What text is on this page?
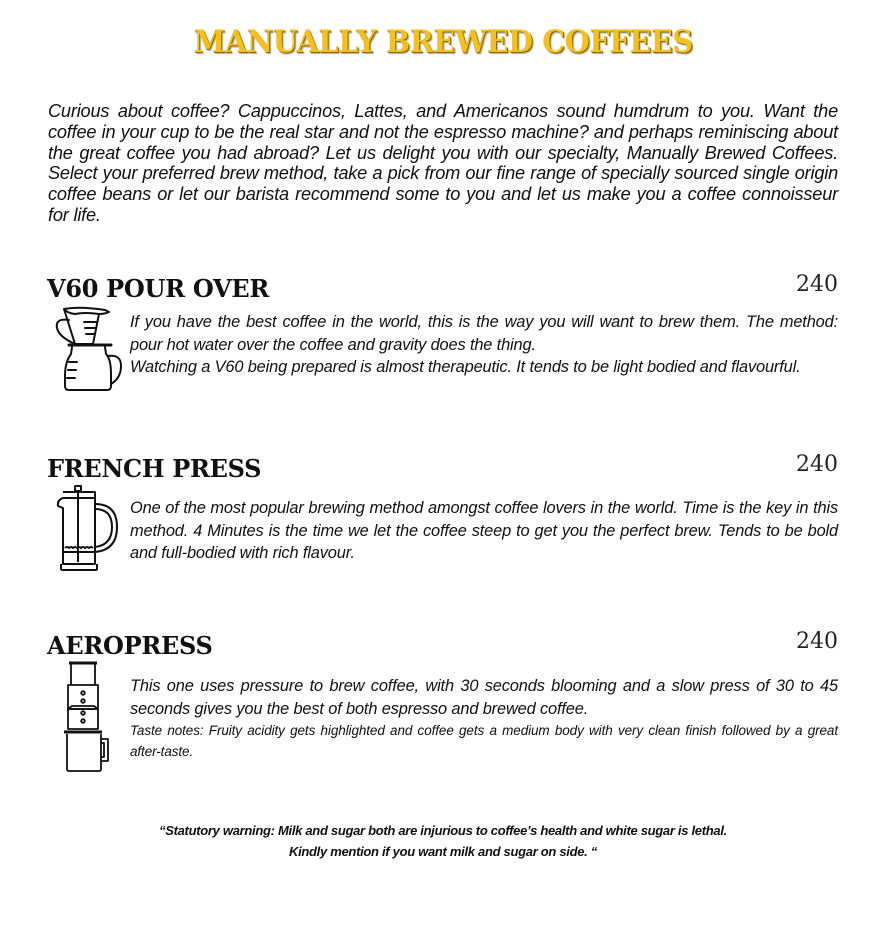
MANUALLY BREWED COFFEES
Curious about coffee? Cappuccinos, Lattes, and Americanos sound humdrum to you. Want the coffee in your cup to be the real star and not the espresso machine? and perhaps reminiscing about the great coffee you had abroad? Let us delight you with our specialty, Manually Brewed Coffees. Select your preferred brew method, take a pick from our fine range of specially sourced single origin coffee beans or let our barista recommend some to you and let us make you a coffee connoisseur for life.
V60 POUR OVER	240

If you have the best coffee in the world, this is the way you will want to brew them. The method: pour hot water over the coffee and gravity does the thing.

Watching a V60 being prepared is almost therapeutic. It tends to be light bodied and flavourful.

FRENCH PRESS	240

One of the most popular brewing method amongst coffee lovers in the world. Time is the key in this method. 4 Minutes is the time we let the coffee steep to get you the perfect brew. Tends to be bold and full-bodied with rich flavour.

AEROPRESS	240

This one uses pressure to brew coffee, with 30 seconds blooming and a slow press of 30 to 45 seconds gives you the best of both espresso and brewed coffee.

Taste notes: Fruity acidity gets highlighted and coffee gets a medium body with very clean finish followed by a great after-taste.

“Statutory warning: Milk and sugar both are injurious to coffee’s health and white sugar is lethal.
Kindly mention if you want milk and sugar on side. “
